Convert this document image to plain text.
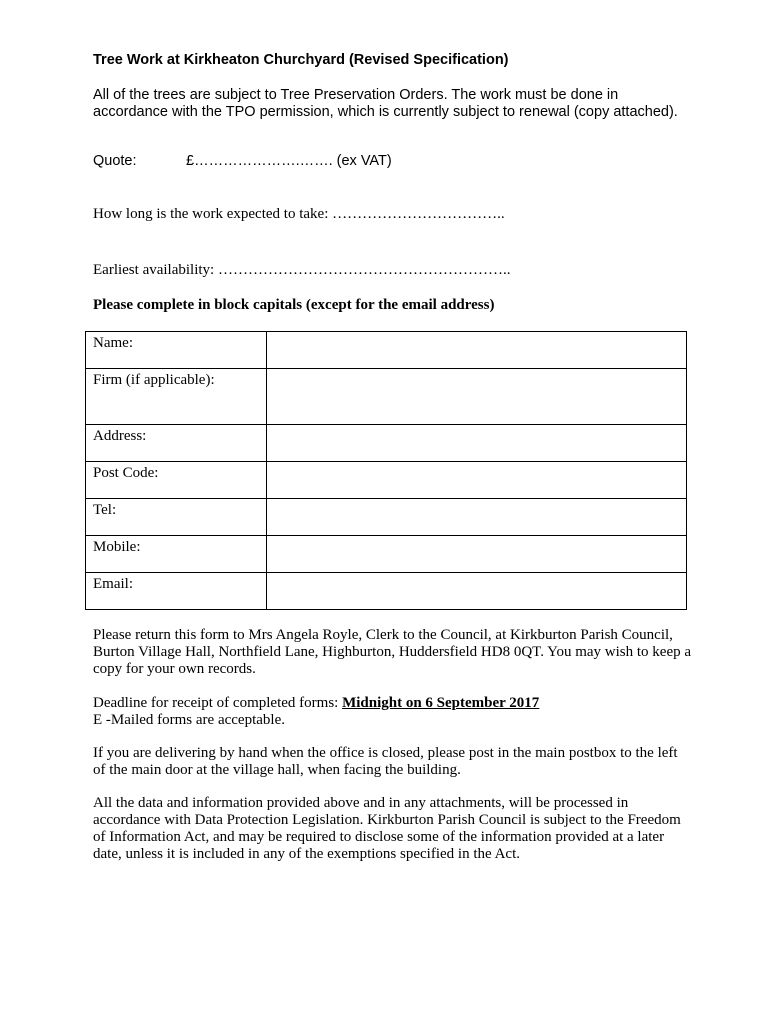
Tree Work at Kirkheaton Churchyard (Revised Specification)
All of the trees are subject to Tree Preservation Orders. The work must be done in accordance with the TPO permission, which is currently subject to renewal (copy attached).
Quote:	£………………….……. (ex VAT)
How long is the work expected to take: ……………………………..
Earliest availability: …………………………………………………..
Please complete in block capitals (except for the email address)
Name:	
Firm (if applicable):	
Address:	
Post Code:	
Tel:	
Mobile:	
Email:	
Please return this form to Mrs Angela Royle, Clerk to the Council, at Kirkburton Parish Council, Burton Village Hall, Northfield Lane, Highburton, Huddersfield HD8 0QT. You may wish to keep a copy for your own records.
Deadline for receipt of completed forms: Midnight on 6 September 2017
E -Mailed forms are acceptable.
If you are delivering by hand when the office is closed, please post in the main postbox to the left of the main door at the village hall, when facing the building.
All the data and information provided above and in any attachments, will be processed in accordance with Data Protection Legislation. Kirkburton Parish Council is subject to the Freedom of Information Act, and may be required to disclose some of the information provided at a later date, unless it is included in any of the exemptions specified in the Act.
